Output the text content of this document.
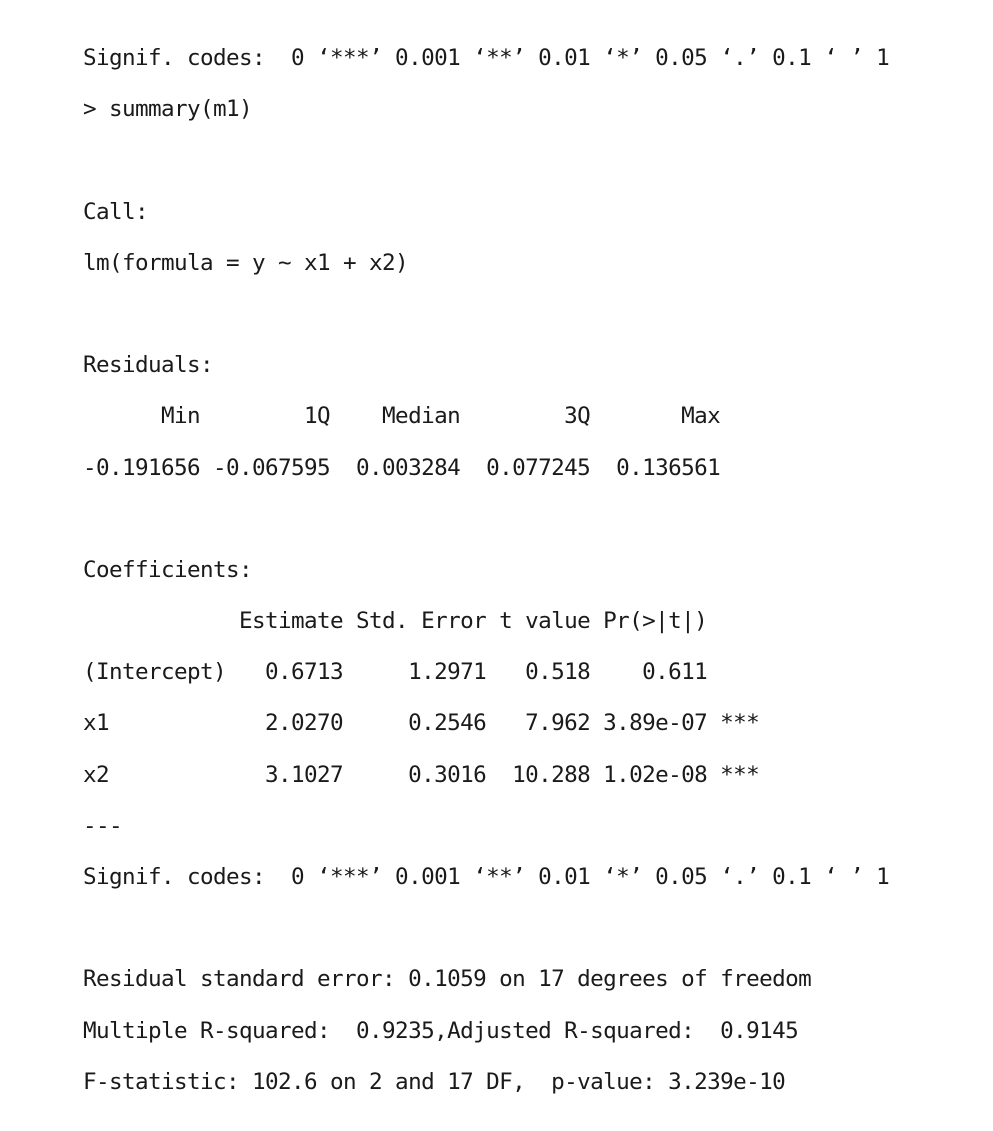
Signif. codes:  0 ‘***’ 0.001 ‘**’ 0.01 ‘*’ 0.05 ‘.’ 0.1 ‘ ’ 1
> summary(m1)
Call:
lm(formula = y ~ x1 + x2)
Residuals:
Min        1Q    Median        3Q       Max
-0.191656 -0.067595  0.003284  0.077245  0.136561
Coefficients:
Estimate Std. Error t value Pr(>|t|)
(Intercept)   0.6713     1.2971   0.518    0.611
x1            2.0270     0.2546   7.962 3.89e-07 ***
x2            3.1027     0.3016  10.288 1.02e-08 ***
---
Signif. codes:  0 ‘***’ 0.001 ‘**’ 0.01 ‘*’ 0.05 ‘.’ 0.1 ‘ ’ 1
Residual standard error: 0.1059 on 17 degrees of freedom
Multiple R-squared:  0.9235,Adjusted R-squared:  0.9145
F-statistic: 102.6 on 2 and 17 DF,  p-value: 3.239e-10
